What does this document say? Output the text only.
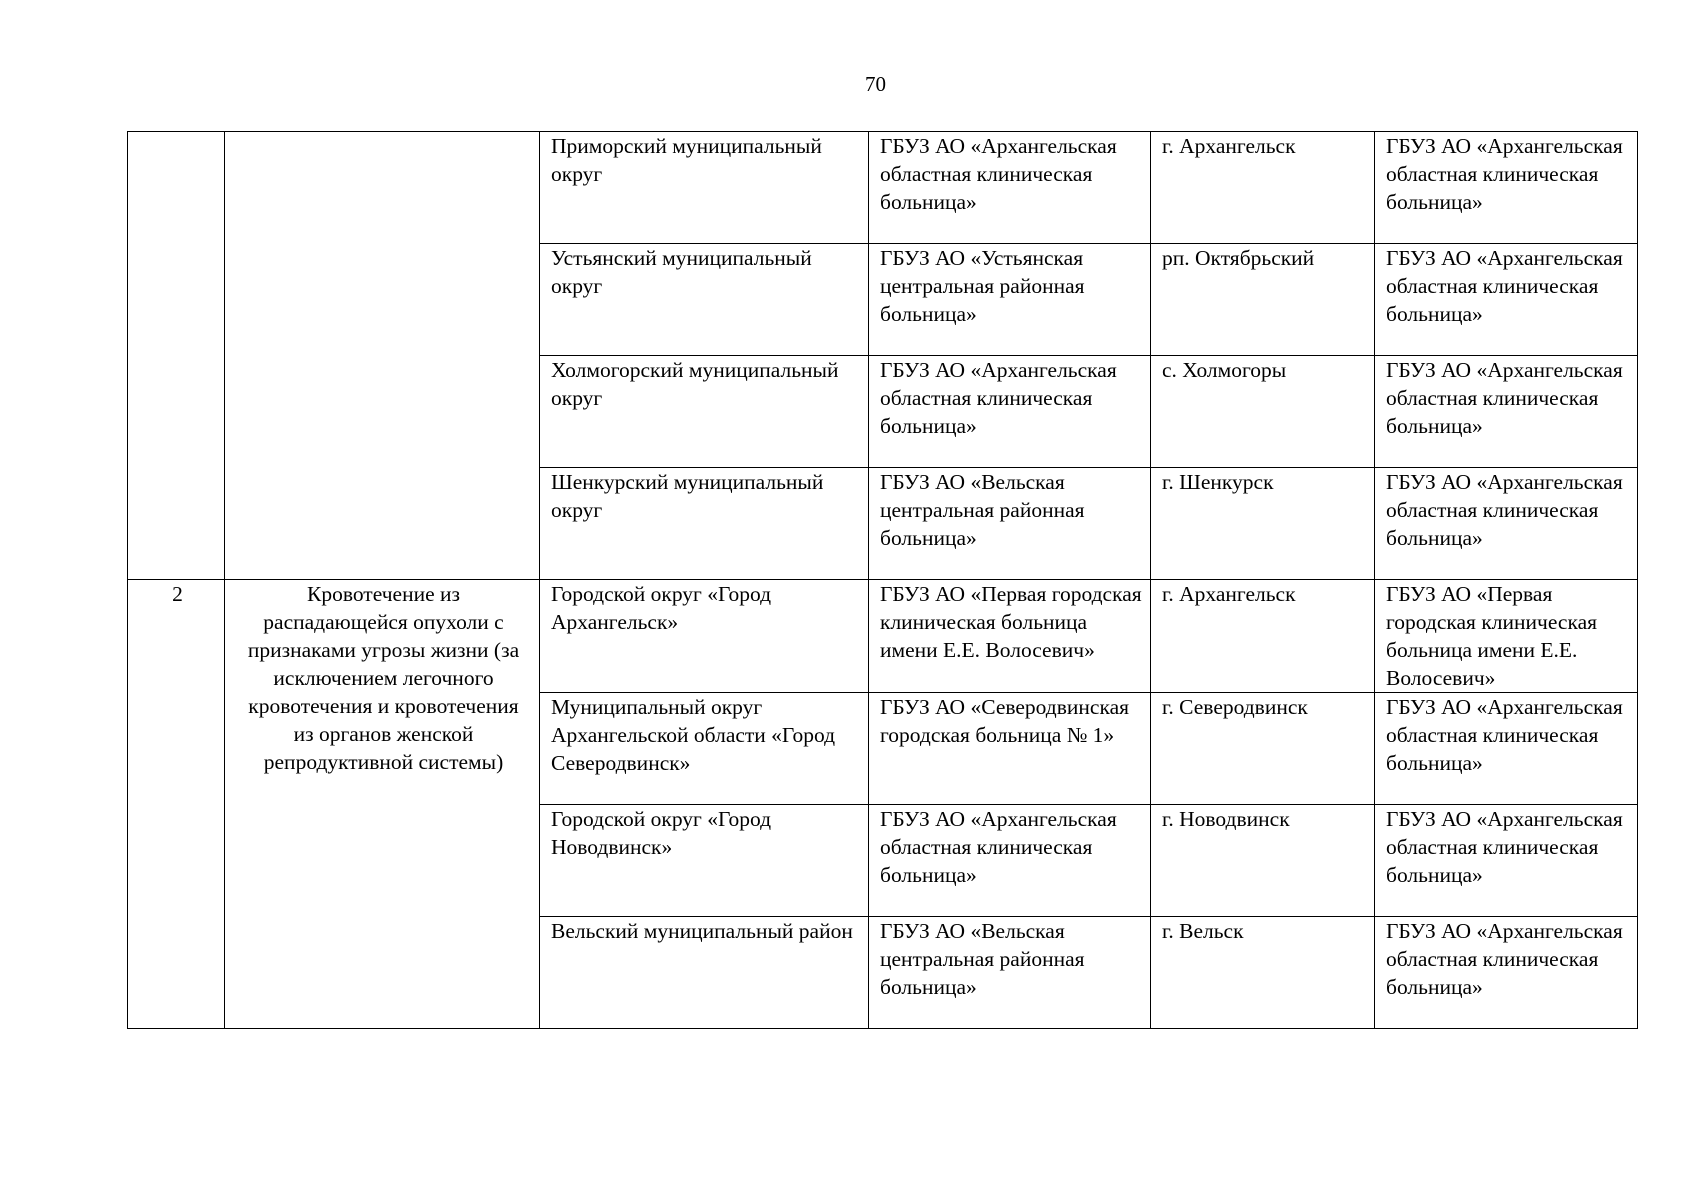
70
		Приморский муниципальный округ	ГБУЗ АО «Архангельская областная клиническая больница»	г. Архангельск	ГБУЗ АО «Архангельская областная клиническая больница»
		Устьянский муниципальный округ	ГБУЗ АО «Устьянская центральная районная больница»	рп. Октябрьский	ГБУЗ АО «Архангельская областная клиническая больница»
		Холмогорский муниципальный округ	ГБУЗ АО «Архангельская областная клиническая больница»	с. Холмогоры	ГБУЗ АО «Архангельская областная клиническая больница»
		Шенкурский муниципальный округ	ГБУЗ АО «Вельская центральная районная больница»	г. Шенкурск	ГБУЗ АО «Архангельская областная клиническая больница»
2	Кровотечение из распадающейся опухоли с признаками угрозы жизни (за исключением легочного кровотечения и кровотечения из органов женской репродуктивной системы)	Городской округ «Город Архангельск»	ГБУЗ АО «Первая городская клиническая больница имени Е.Е. Волосевич»	г. Архангельск	ГБУЗ АО «Первая городская клиническая больница имени Е.Е. Волосевич»
		Муниципальный округ Архангельской области «Город Северодвинск»	ГБУЗ АО «Северодвинская городская больница № 1»	г. Северодвинск	ГБУЗ АО «Архангельская областная клиническая больница»
		Городской округ «Город Новодвинск»	ГБУЗ АО «Архангельская областная клиническая больница»	г. Новодвинск	ГБУЗ АО «Архангельская областная клиническая больница»
		Вельский муниципальный район	ГБУЗ АО «Вельская центральная районная больница»	г. Вельск	ГБУЗ АО «Архангельская областная клиническая больница»
